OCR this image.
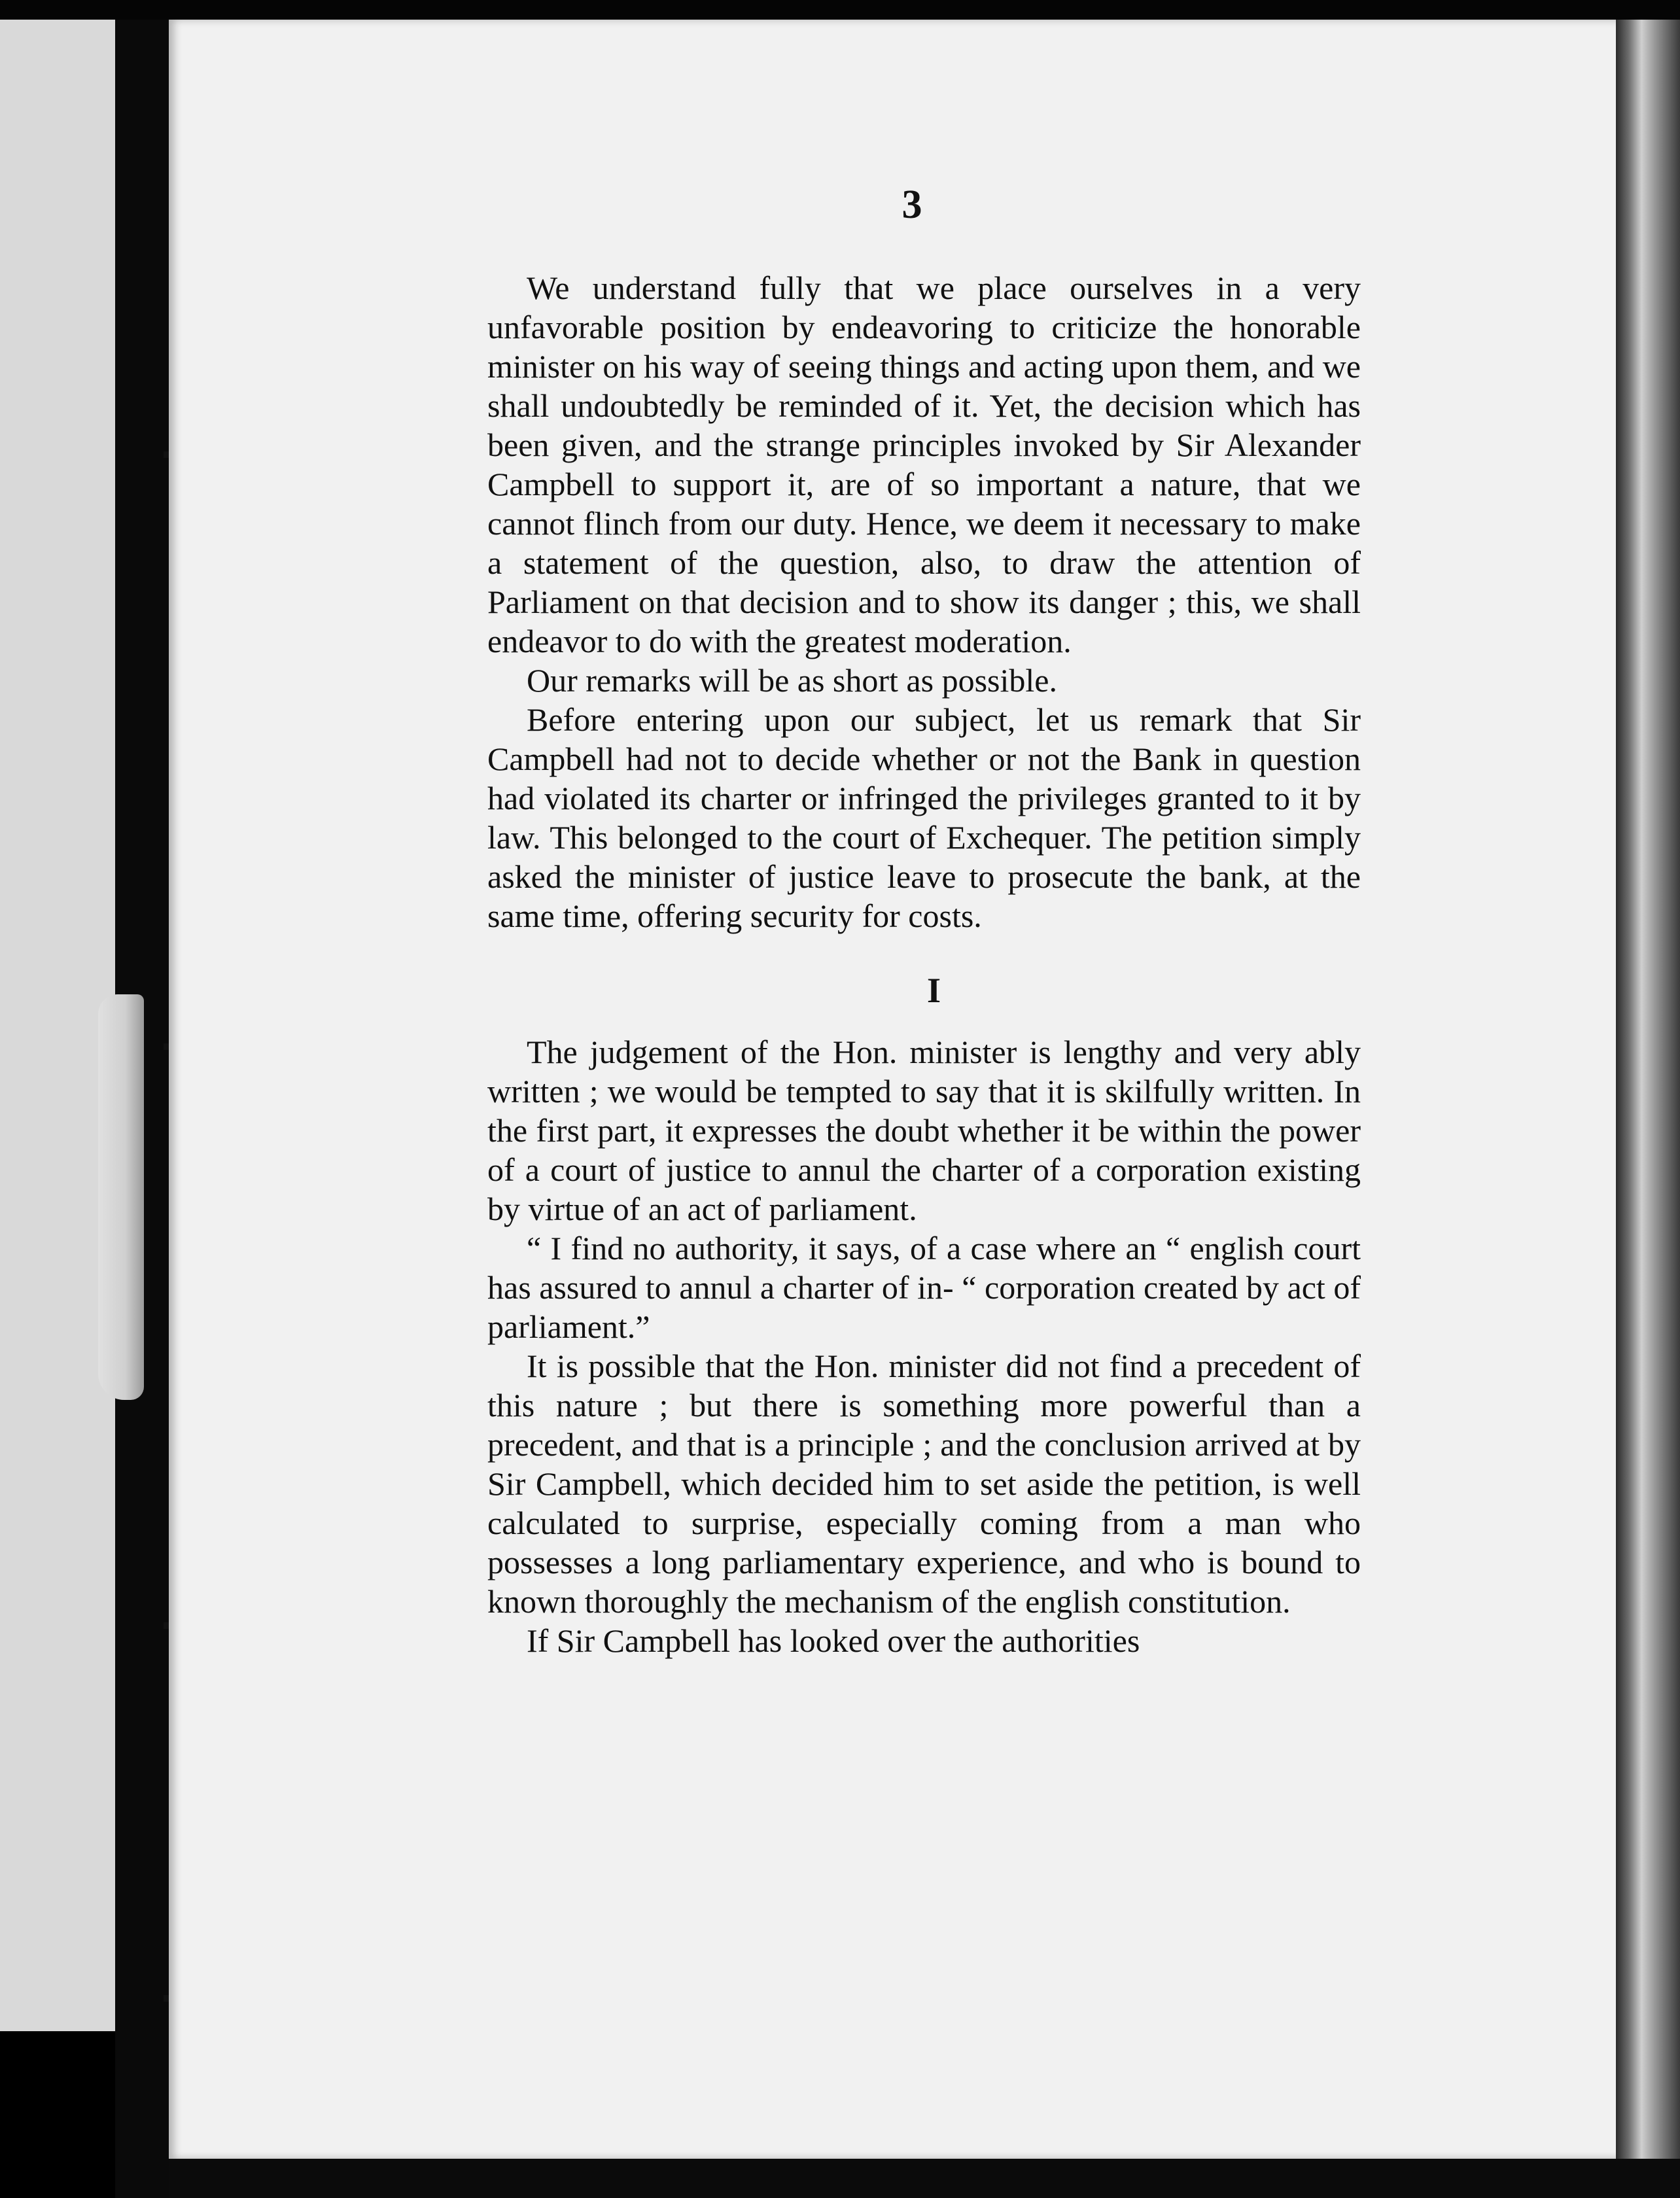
3

We understand fully that we place ourselves in a very unfavorable position by endeavoring to criticize the honorable minister on his way of seeing things and acting upon them, and we shall undoubtedly be reminded of it. Yet, the decision which has been given, and the strange principles invoked by Sir Alexander Campbell to support it, are of so important a nature, that we cannot flinch from our duty. Hence, we deem it necessary to make a statement of the question, also, to draw the attention of Parliament on that decision and to show its danger ; this, we shall endeavor to do with the greatest moderation.

Our remarks will be as short as possible.

Before entering upon our subject, let us remark that Sir Campbell had not to decide whether or not the Bank in question had violated its charter or infringed the privileges granted to it by law. This belonged to the court of Exchequer. The petition simply asked the minister of justice leave to prosecute the bank, at the same time, offering security for costs.

I

The judgement of the Hon. minister is lengthy and very ably written ; we would be tempted to say that it is skilfully written. In the first part, it expresses the doubt whether it be within the power of a court of justice to annul the charter of a corporation existing by virtue of an act of parliament.

“ I find no authority, it says, of a case where an “ english court has assured to annul a charter of in- “ corporation created by act of parliament.”

It is possible that the Hon. minister did not find a precedent of this nature ; but there is something more powerful than a precedent, and that is a principle ; and the conclusion arrived at by Sir Campbell, which decided him to set aside the petition, is well calculated to surprise, especially coming from a man who possesses a long parliamentary experience, and who is bound to known thoroughly the mechanism of the english constitution.

If Sir Campbell has looked over the authorities
